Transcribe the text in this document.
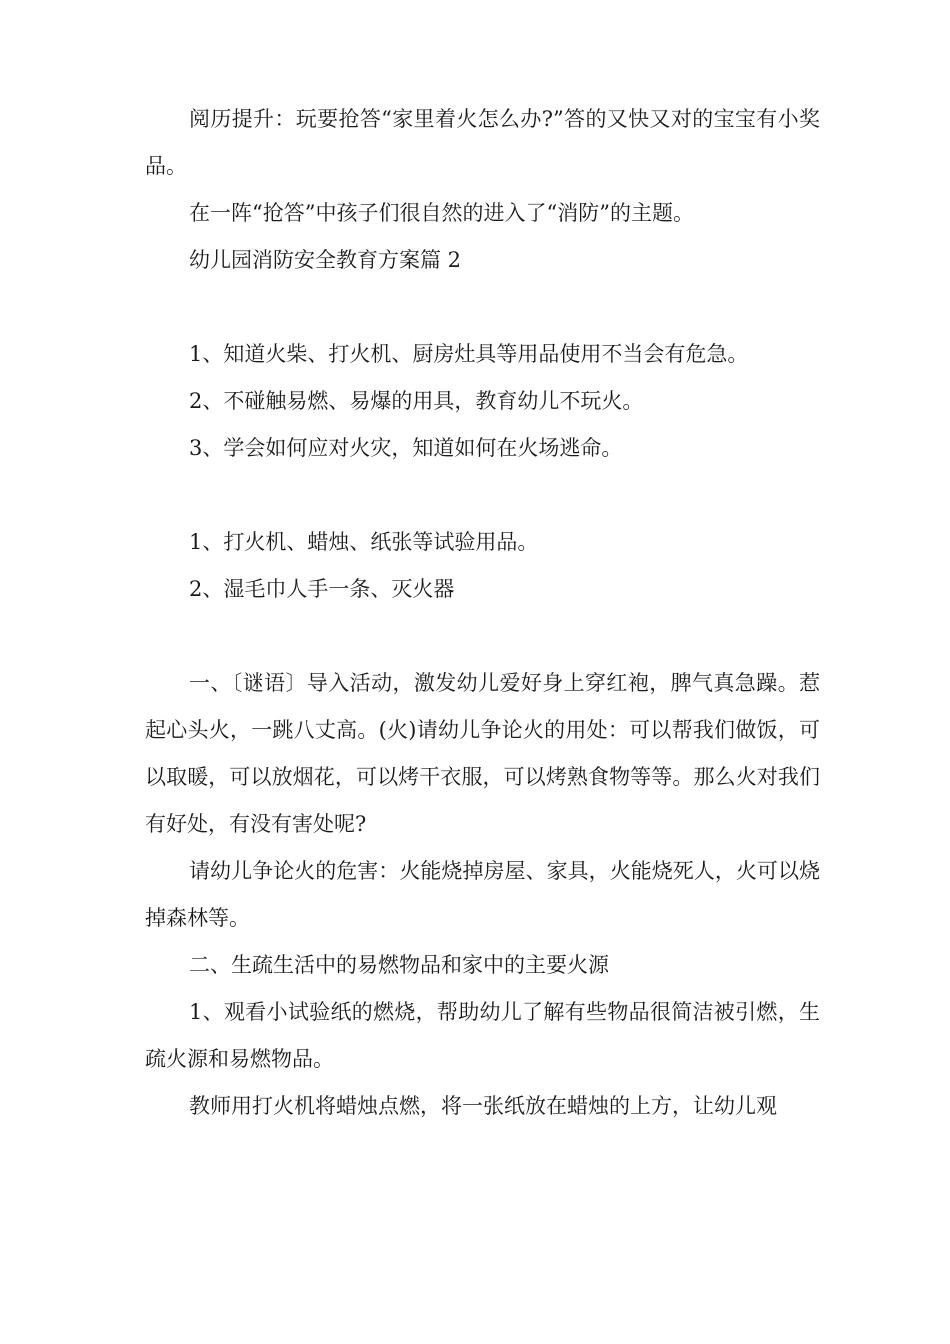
阅历提升：玩要抢答“家里着火怎么办?”答的又快又对的宝宝有小奖品。

在一阵“抢答”中孩子们很自然的进入了“消防”的主题。

幼儿园消防安全教育方案篇 2

1、知道火柴、打火机、厨房灶具等用品使用不当会有危急。

2、不碰触易燃、易爆的用具，教育幼儿不玩火。

3、学会如何应对火灾，知道如何在火场逃命。

1、打火机、蜡烛、纸张等试验用品。

2、湿毛巾人手一条、灭火器

一、〔谜语〕导入活动，激发幼儿爱好身上穿红袍，脾气真急躁。惹起心头火，一跳八丈高。(火)请幼儿争论火的用处：可以帮我们做饭，可以取暖，可以放烟花，可以烤干衣服，可以烤熟食物等等。那么火对我们有好处，有没有害处呢?

请幼儿争论火的危害：火能烧掉房屋、家具，火能烧死人，火可以烧掉森林等。

二、生疏生活中的易燃物品和家中的主要火源

1、观看小试验纸的燃烧，帮助幼儿了解有些物品很简洁被引燃，生疏火源和易燃物品。

教师用打火机将蜡烛点燃，将一张纸放在蜡烛的上方，让幼儿观
